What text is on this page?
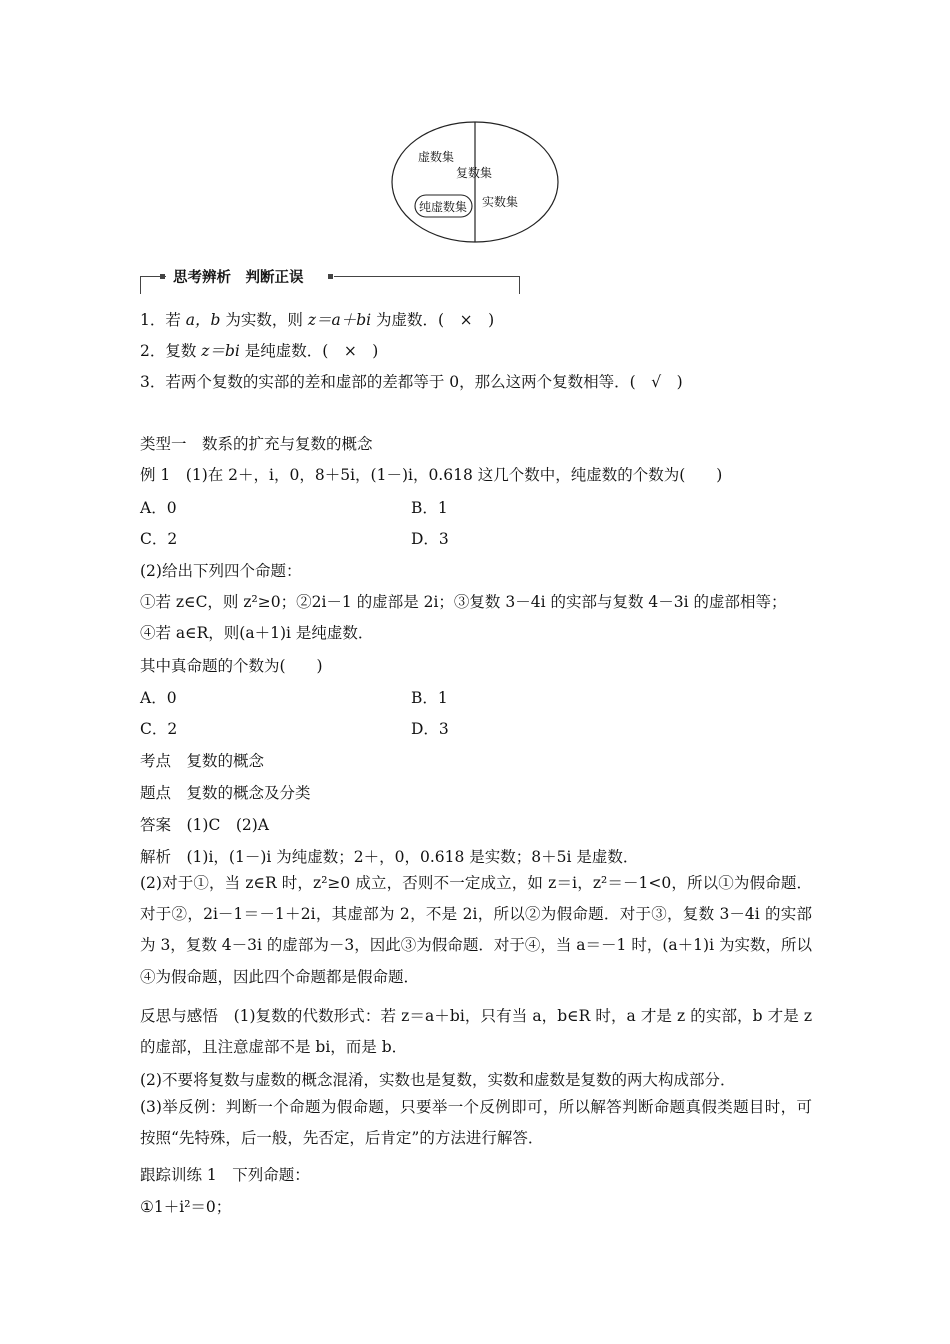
虚数集
复数集
纯虚数集 实数集
思考辨析　判断正误
1．若 a，b 为实数，则 z＝a＋bi 为虚数．(　×　)
2．复数 z＝bi 是纯虚数．(　×　)
3．若两个复数的实部的差和虚部的差都等于 0，那么这两个复数相等．(　√　)
类型一　数系的扩充与复数的概念
例 1　(1)在 2＋，i，0，8＋5i，(1－)i，0.618 这几个数中，纯虚数的个数为(　　)
A．0	B．1
C．2	D．3
(2)给出下列四个命题：
①若 z∈C，则 z²≥0；②2i－1 的虚部是 2i；③复数 3－4i 的实部与复数 4－3i 的虚部相等；
④若 a∈R，则(a＋1)i 是纯虚数．
其中真命题的个数为(　　)
A．0	B．1
C．2	D．3
考点　复数的概念
题点　复数的概念及分类
答案　(1)C　(2)A
解析　(1)i，(1－)i 为纯虚数；2＋，0，0.618 是实数；8＋5i 是虚数．
(2)对于①，当 z∈R 时，z²≥0 成立，否则不一定成立，如 z＝i，z²＝－1<0，所以①为假命题．对于②，2i－1＝－1＋2i，其虚部为 2，不是 2i，所以②为假命题．对于③，复数 3－4i 的实部为 3，复数 4－3i 的虚部为－3，因此③为假命题．对于④，当 a＝－1 时，(a＋1)i 为实数，所以④为假命题，因此四个命题都是假命题．
反思与感悟　(1)复数的代数形式：若 z＝a＋bi，只有当 a，b∈R 时，a 才是 z 的实部，b 才是 z 的虚部，且注意虚部不是 bi，而是 b．
(2)不要将复数与虚数的概念混淆，实数也是复数，实数和虚数是复数的两大构成部分．
(3)举反例：判断一个命题为假命题，只要举一个反例即可，所以解答判断命题真假类题目时，可按照“先特殊，后一般，先否定，后肯定”的方法进行解答．
跟踪训练 1　下列命题：
①1＋i²＝0；
